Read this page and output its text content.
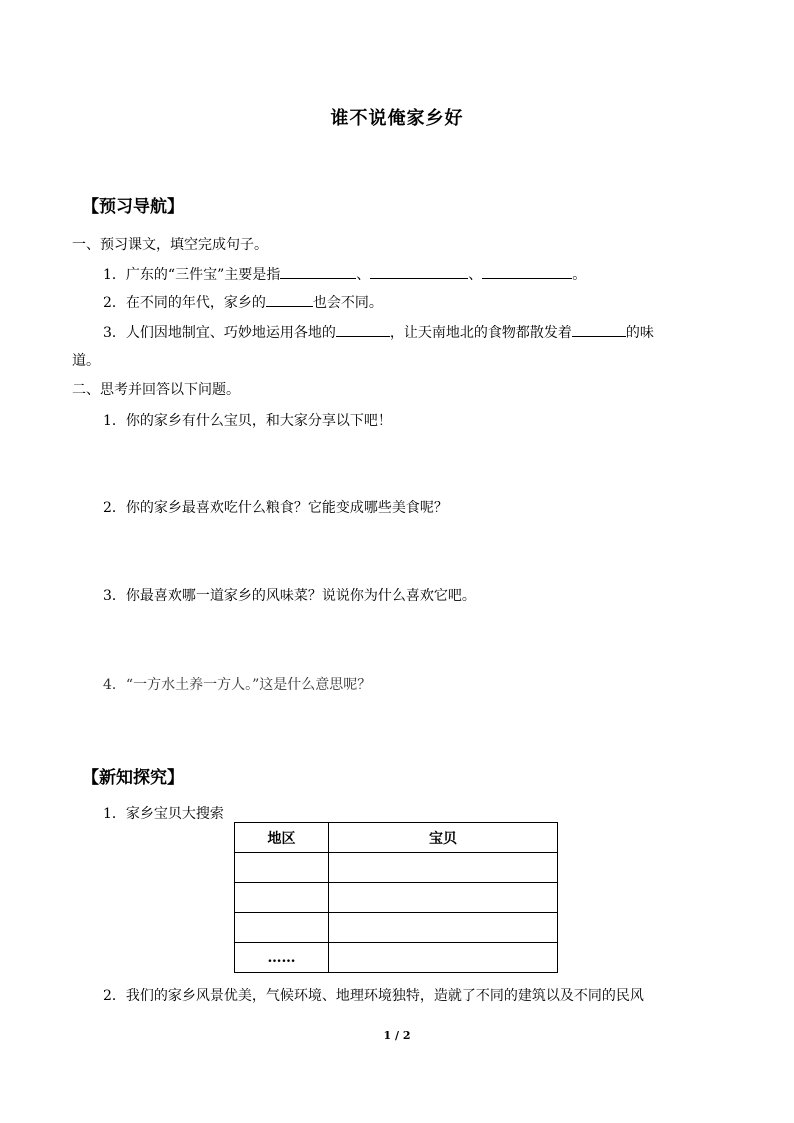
谁不说俺家乡好
【预习导航】
一、预习课文，填空完成句子。
1．广东的“三件宝”主要是指	、	、	。
2．在不同的年代，家乡的	也会不同。
3．人们因地制宜、巧妙地运用各地的	，让天南地北的食物都散发着	的味
道。
二、思考并回答以下问题。
1．你的家乡有什么宝贝，和大家分享以下吧！
2．你的家乡最喜欢吃什么粮食？它能变成哪些美食呢？
3．你最喜欢哪一道家乡的风味菜？说说你为什么喜欢它吧。
4．“一方水土养一方人。”这是什么意思呢？
【新知探究】
1．家乡宝贝大搜索
地区	宝贝

……	
2．我们的家乡风景优美，气候环境、地理环境独特，造就了不同的建筑以及不同的民风
1 / 2
